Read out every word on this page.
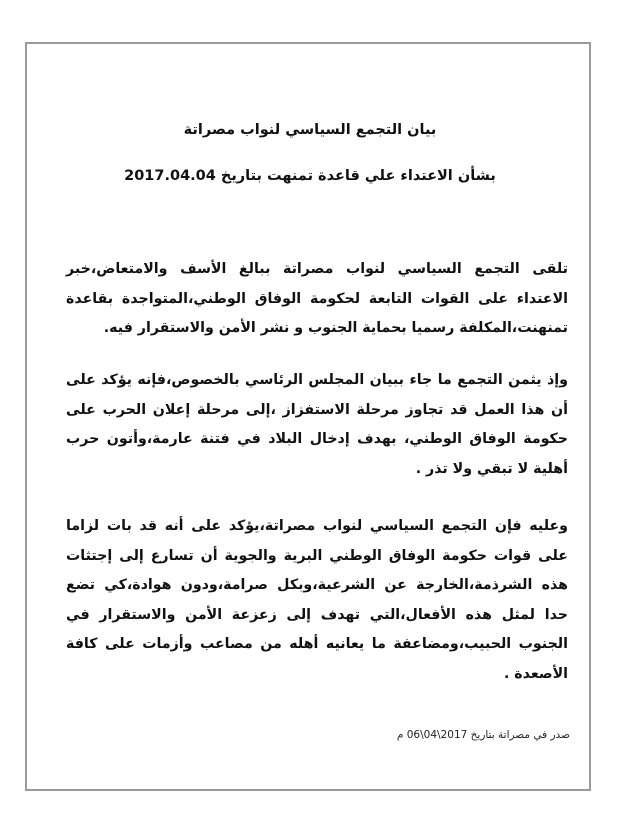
بيان التجمع السياسي لنواب مصراتة
بشأن الاعتداء علي قاعدة تمنهت بتاريخ 2017.04.04
تلقى التجمع السياسي لنواب مصراتة ببالغ الأسف والامتعاض،خبر الاعتداء على القوات التابعة لحكومة الوفاق الوطني،المتواجدة بقاعدة تمنهنت،المكلفة رسميا بحماية الجنوب و نشر الأمن والاستقرار فيه.
وإذ يثمن التجمع ما جاء ببيان المجلس الرئاسي بالخصوص،فإنه يؤكد على أن هذا العمل قد تجاوز مرحلة الاستفزاز ،إلى مرحلة إعلان الحرب على حكومة الوفاق الوطني، بهدف إدخال البلاد في فتنة عارمة،وأتون حرب أهلية لا تبقي ولا تذر .
وعليه فإن التجمع السياسي لنواب مصراتة،يؤكد على أنه قد بات لزاما على قوات حكومة الوفاق الوطني البرية والجوية أن تسارع إلى إجتثات هذه الشرذمة،الخارجة عن الشرعية،وبكل صرامة،ودون هوادة،كي تضع حدا لمثل هذه الأفعال،التي تهدف إلى زعزعة الأمن والاستقرار في الجنوب الحبيب،ومضاعفة ما يعانيه أهله من مصاعب وأزمات على كافة الأصعدة .
صدر في مصراتة بتاريخ 2017\04\06 م
